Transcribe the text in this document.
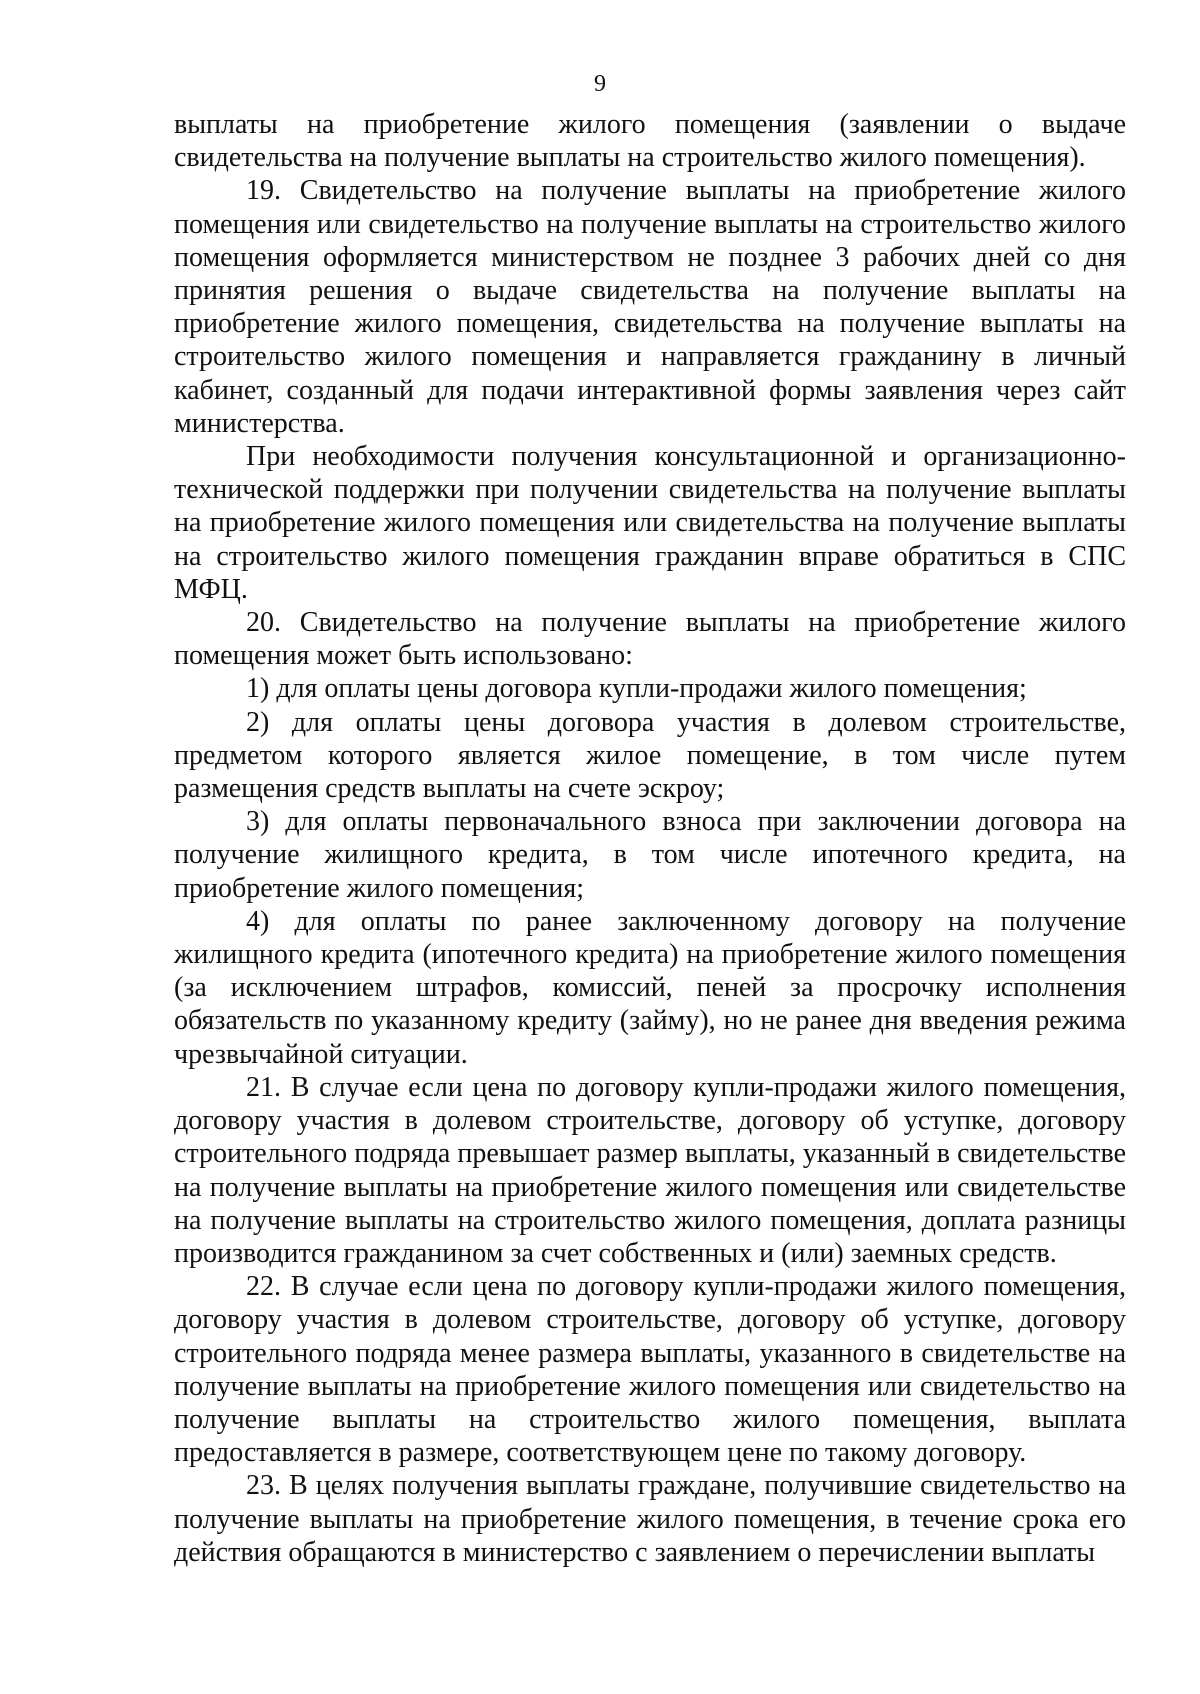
9

выплаты на приобретение жилого помещения (заявлении о выдаче свидетельства на получение выплаты на строительство жилого помещения).

19. Свидетельство на получение выплаты на приобретение жилого помещения или свидетельство на получение выплаты на строительство жилого помещения оформляется министерством не позднее 3 рабочих дней со дня принятия решения о выдаче свидетельства на получение выплаты на приобретение жилого помещения, свидетельства на получение выплаты на строительство жилого помещения и направляется гражданину в личный кабинет, созданный для подачи интерактивной формы заявления через сайт министерства.

При необходимости получения консультационной и организационно-технической поддержки при получении свидетельства на получение выплаты на приобретение жилого помещения или свидетельства на получение выплаты на строительство жилого помещения гражданин вправе обратиться в СПС МФЦ.

20. Свидетельство на получение выплаты на приобретение жилого помещения может быть использовано:

1) для оплаты цены договора купли-продажи жилого помещения;

2) для оплаты цены договора участия в долевом строительстве, предметом которого является жилое помещение, в том числе путем размещения средств выплаты на счете эскроу;

3) для оплаты первоначального взноса при заключении договора на получение жилищного кредита, в том числе ипотечного кредита, на приобретение жилого помещения;

4) для оплаты по ранее заключенному договору на получение жилищного кредита (ипотечного кредита) на приобретение жилого помещения (за исключением штрафов, комиссий, пеней за просрочку исполнения обязательств по указанному кредиту (займу), но не ранее дня введения режима чрезвычайной ситуации.

21. В случае если цена по договору купли-продажи жилого помещения, договору участия в долевом строительстве, договору об уступке, договору строительного подряда превышает размер выплаты, указанный в свидетельстве на получение выплаты на приобретение жилого помещения или свидетельстве на получение выплаты на строительство жилого помещения, доплата разницы производится гражданином за счет собственных и (или) заемных средств.

22. В случае если цена по договору купли-продажи жилого помещения, договору участия в долевом строительстве, договору об уступке, договору строительного подряда менее размера выплаты, указанного в свидетельстве на получение выплаты на приобретение жилого помещения или свидетельство на получение выплаты на строительство жилого помещения, выплата предоставляется в размере, соответствующем цене по такому договору.

23. В целях получения выплаты граждане, получившие свидетельство на получение выплаты на приобретение жилого помещения, в течение срока его действия обращаются в министерство с заявлением о перечислении выплаты
